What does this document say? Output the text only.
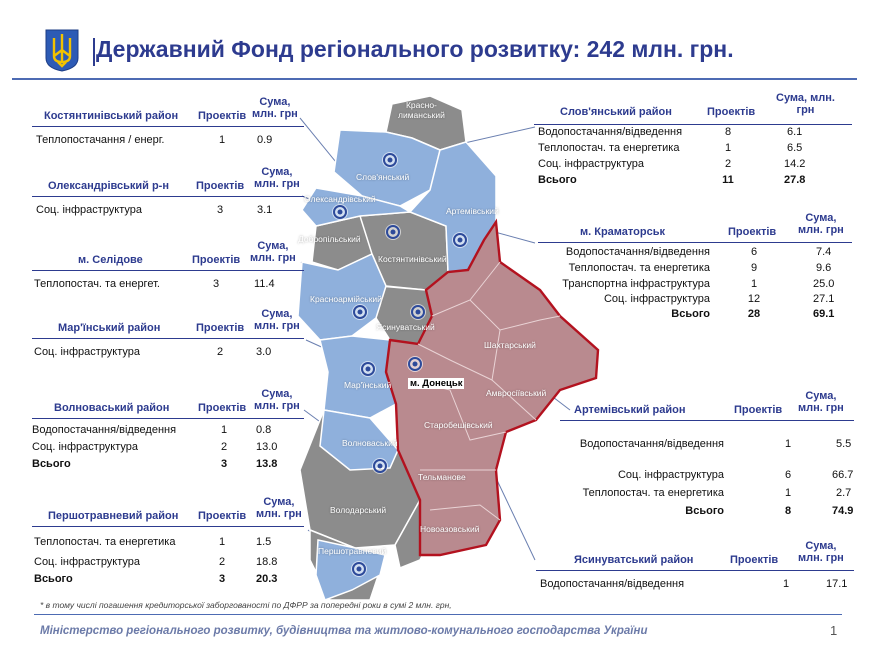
Державний Фонд регіонального розвитку: 242 млн. грн.
Красно-
лиманський
Слов'янський
Олександрівський
Артемівський
Костянтинівський
Добропільський
Красноармійський
Ясинуватський
Шахтарський
Амвросіївський
Мар'їнський м. Донецьк
Старобешівський
Волноваський
Тельманове
Володарський
Новоазовський
Першотравневий
Костянтинівський район Проектів
Сума,
млн. грн
Теплопостачання / енерг.	1	0.9
Олександрівський р-н Проектів
Сума,
млн. грн
Соц. інфраструктура	3	3.1
м. Селідове	Проектів
Сума,
млн. грн
Теплопостач. та енергет.	3	11.4
Мар'їнський район	Проектів
Сума,
млн. грн
Соц. інфраструктура	2	3.0
Волноваський район	Проектів
Сума,
млн. грн
Водопостачання/відведення	1	0.8
Соц. інфраструктура	2	13.0
Всього	3	13.8
Першотравневий район Проектів
Сума,
млн. грн
Теплопостач. та енергетика	1	1.5
Соц. інфраструктура	2	18.8
Всього	3	20.3
Слов'янський район	Проектів
Сума, млн.
грн
Водопостачання/відведення	8	6.1
Теплопостач. та енергетика	1	6.5
Соц. інфраструктура	2	14.2
Всього	11	27.8
м. Краматорськ	Проектів
Сума,
млн. грн
Водопостачання/відведення	6	7.4
Теплопостач. та енергетика	9	9.6
Транспортна інфраструктура	1	25.0
Соц. інфраструктура	12	27.1
Всього	28	69.1
Артемівський район	Проектів
Сума,
млн. грн
Водопостачання/відведення	1	5.5
Соц. інфраструктура	6	66.7
Теплопостач. та енергетика	1	2.7
Всього	8	74.9
Ясинуватський район	Проектів
Сума,
млн. грн
Водопостачання/відведення	1	17.1
* в тому числі погашення кредиторської заборгованості по ДФРР за попередні роки в сумі 2 млн. грн,
Міністерство регіонального розвитку, будівництва та житлово-комунального господарства України	1
